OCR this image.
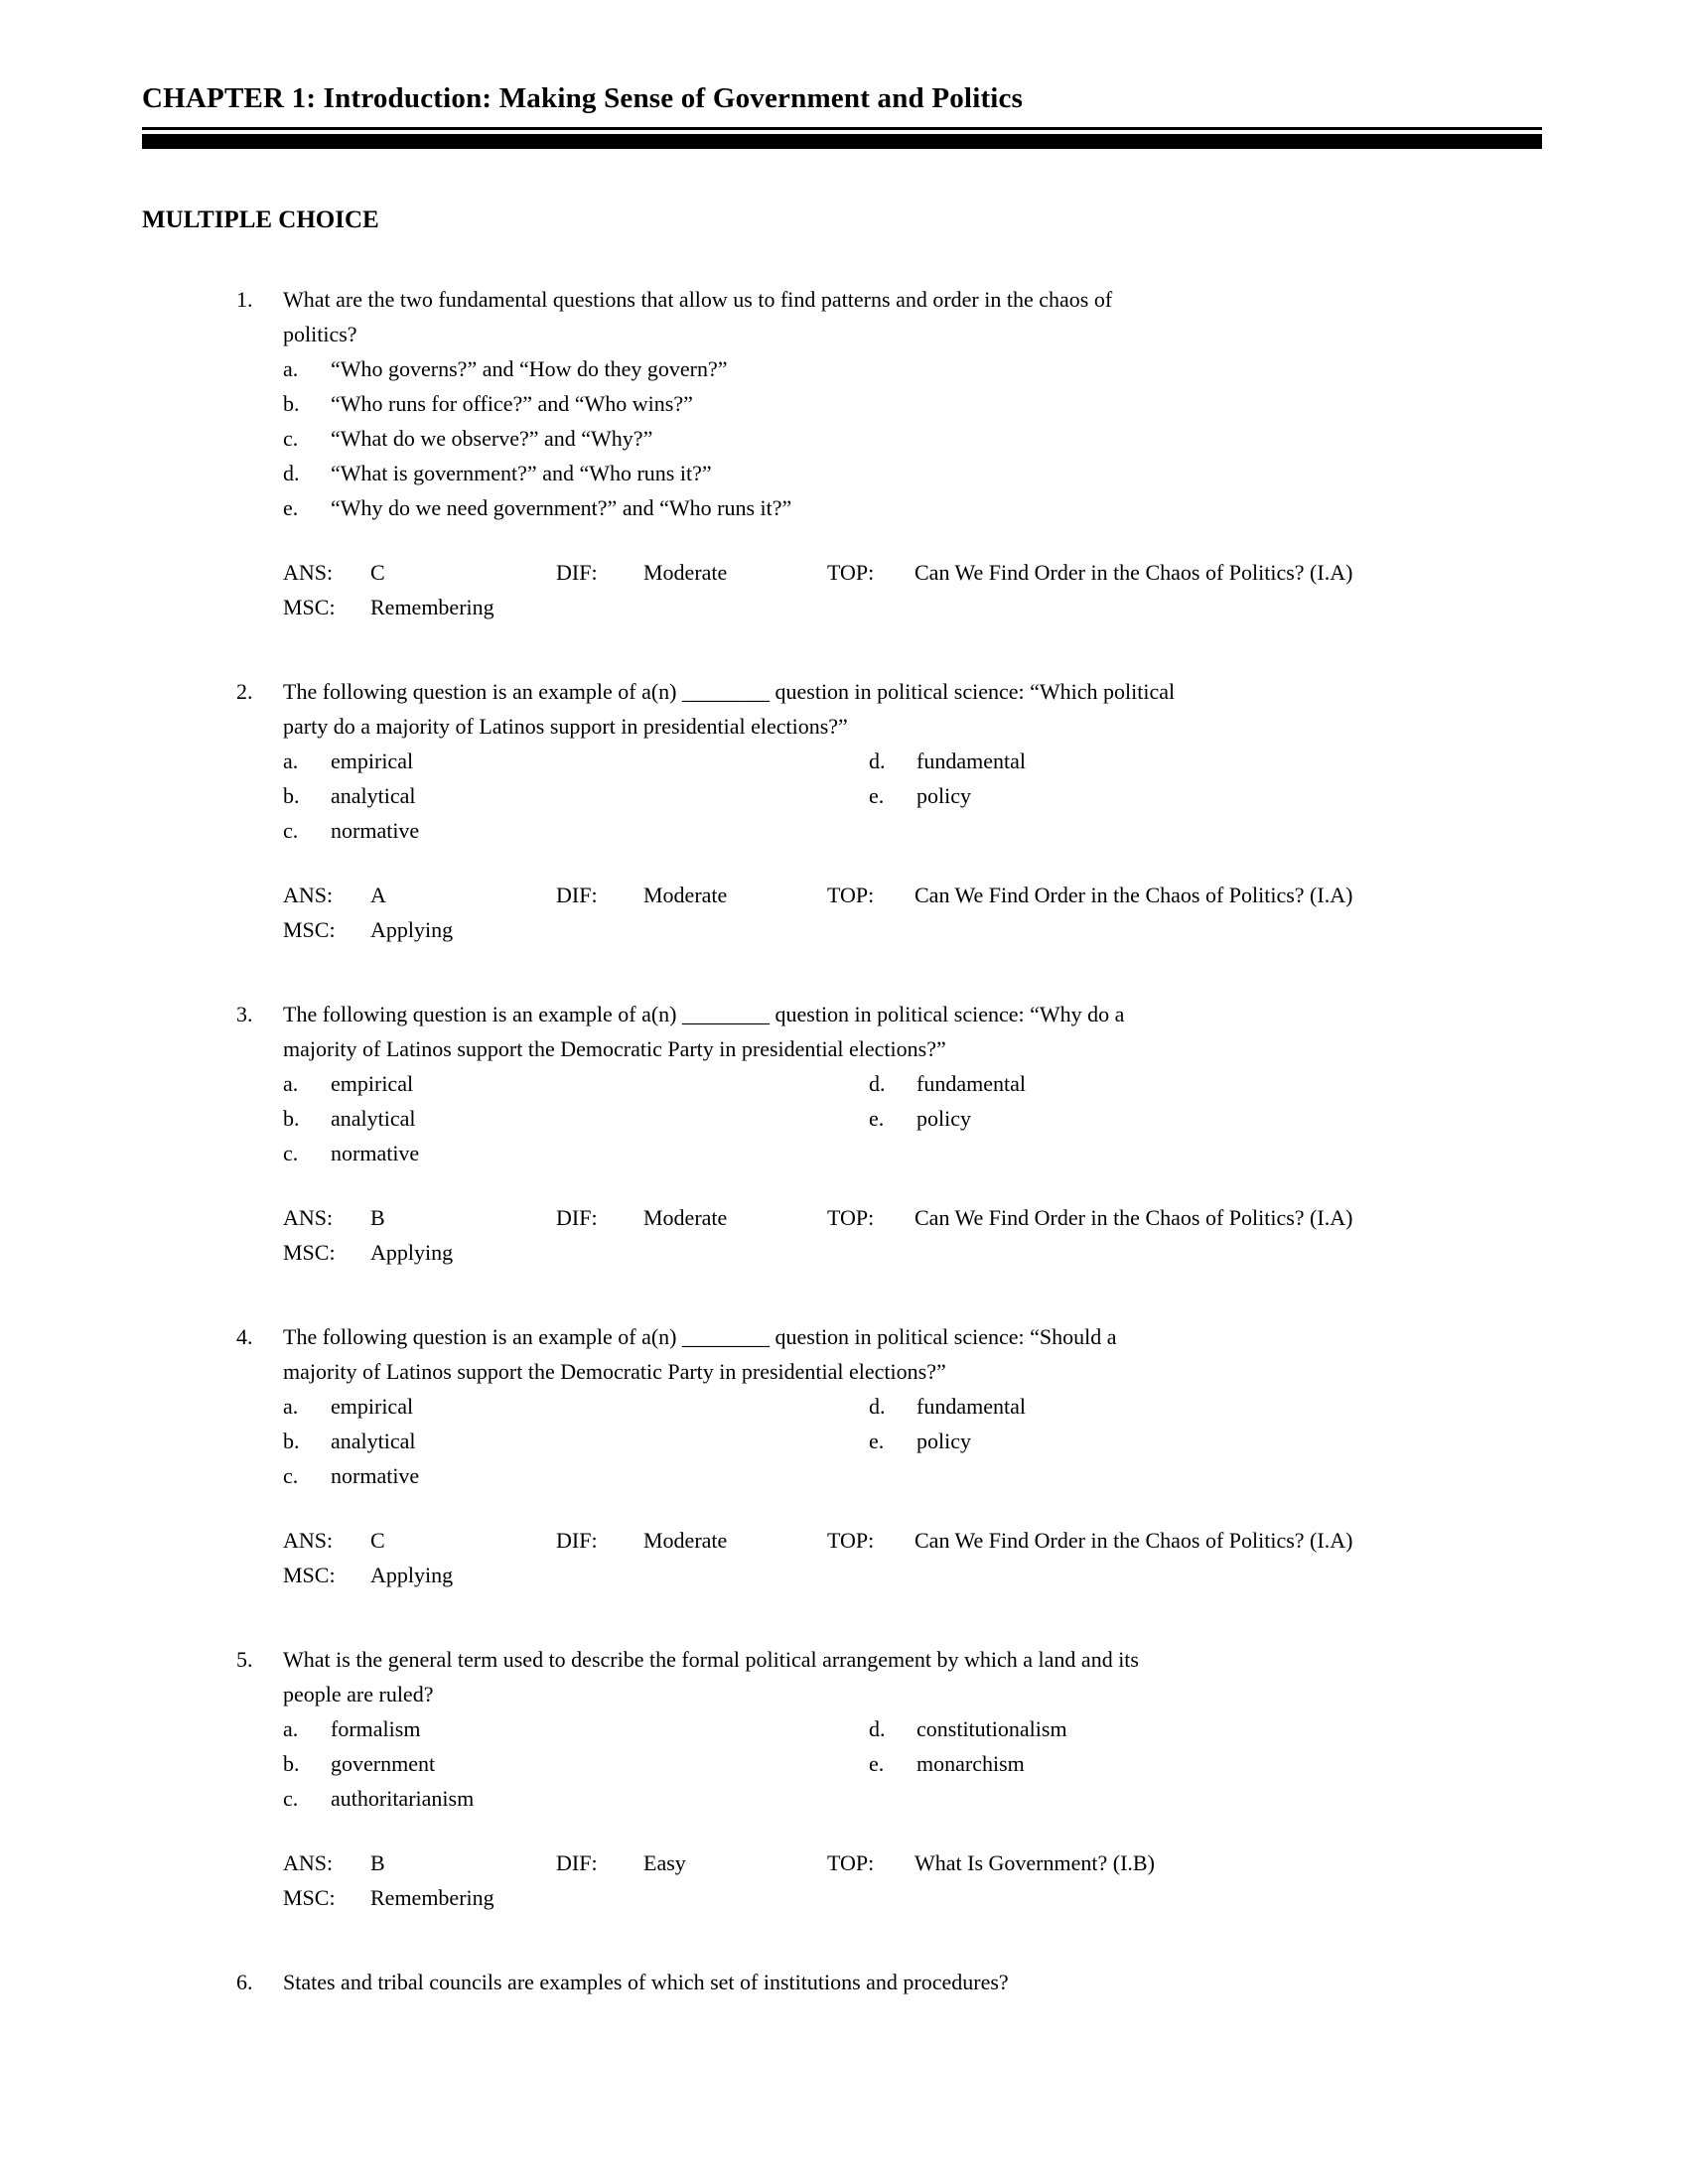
CHAPTER 1: Introduction: Making Sense of Government and Politics
MULTIPLE CHOICE
1.	What are the two fundamental questions that allow us to find patterns and order in the chaos of
politics?
a.	“Who governs?” and “How do they govern?”
b.	“Who runs for office?” and “Who wins?”
c.	“What do we observe?” and “Why?”
d.	“What is government?” and “Who runs it?”
e.	“Why do we need government?” and “Who runs it?”
ANS:	C	DIF:	Moderate	TOP:	Can We Find Order in the Chaos of Politics? (I.A)
MSC:	Remembering
2.	The following question is an example of a(n) ________ question in political science: “Which political
party do a majority of Latinos support in presidential elections?”
a.	empirical
b.	analytical
c.	normative
d.	fundamental
e.	policy
ANS:	A	DIF:	Moderate	TOP:	Can We Find Order in the Chaos of Politics? (I.A)
MSC:	Applying
3.	The following question is an example of a(n) ________ question in political science: “Why do a
majority of Latinos support the Democratic Party in presidential elections?”
a.	empirical
b.	analytical
c.	normative
d.	fundamental
e.	policy
ANS:	B	DIF:	Moderate	TOP:	Can We Find Order in the Chaos of Politics? (I.A)
MSC:	Applying
4.	The following question is an example of a(n) ________ question in political science: “Should a
majority of Latinos support the Democratic Party in presidential elections?”
a.	empirical
b.	analytical
c.	normative
d.	fundamental
e.	policy
ANS:	C	DIF:	Moderate	TOP:	Can We Find Order in the Chaos of Politics? (I.A)
MSC:	Applying
5.	What is the general term used to describe the formal political arrangement by which a land and its
people are ruled?
a.	formalism
b.	government
c.	authoritarianism
d.	constitutionalism
e.	monarchism
ANS:	B	DIF:	Easy	TOP:	What Is Government? (I.B)
MSC:	Remembering
6.	States and tribal councils are examples of which set of institutions and procedures?
